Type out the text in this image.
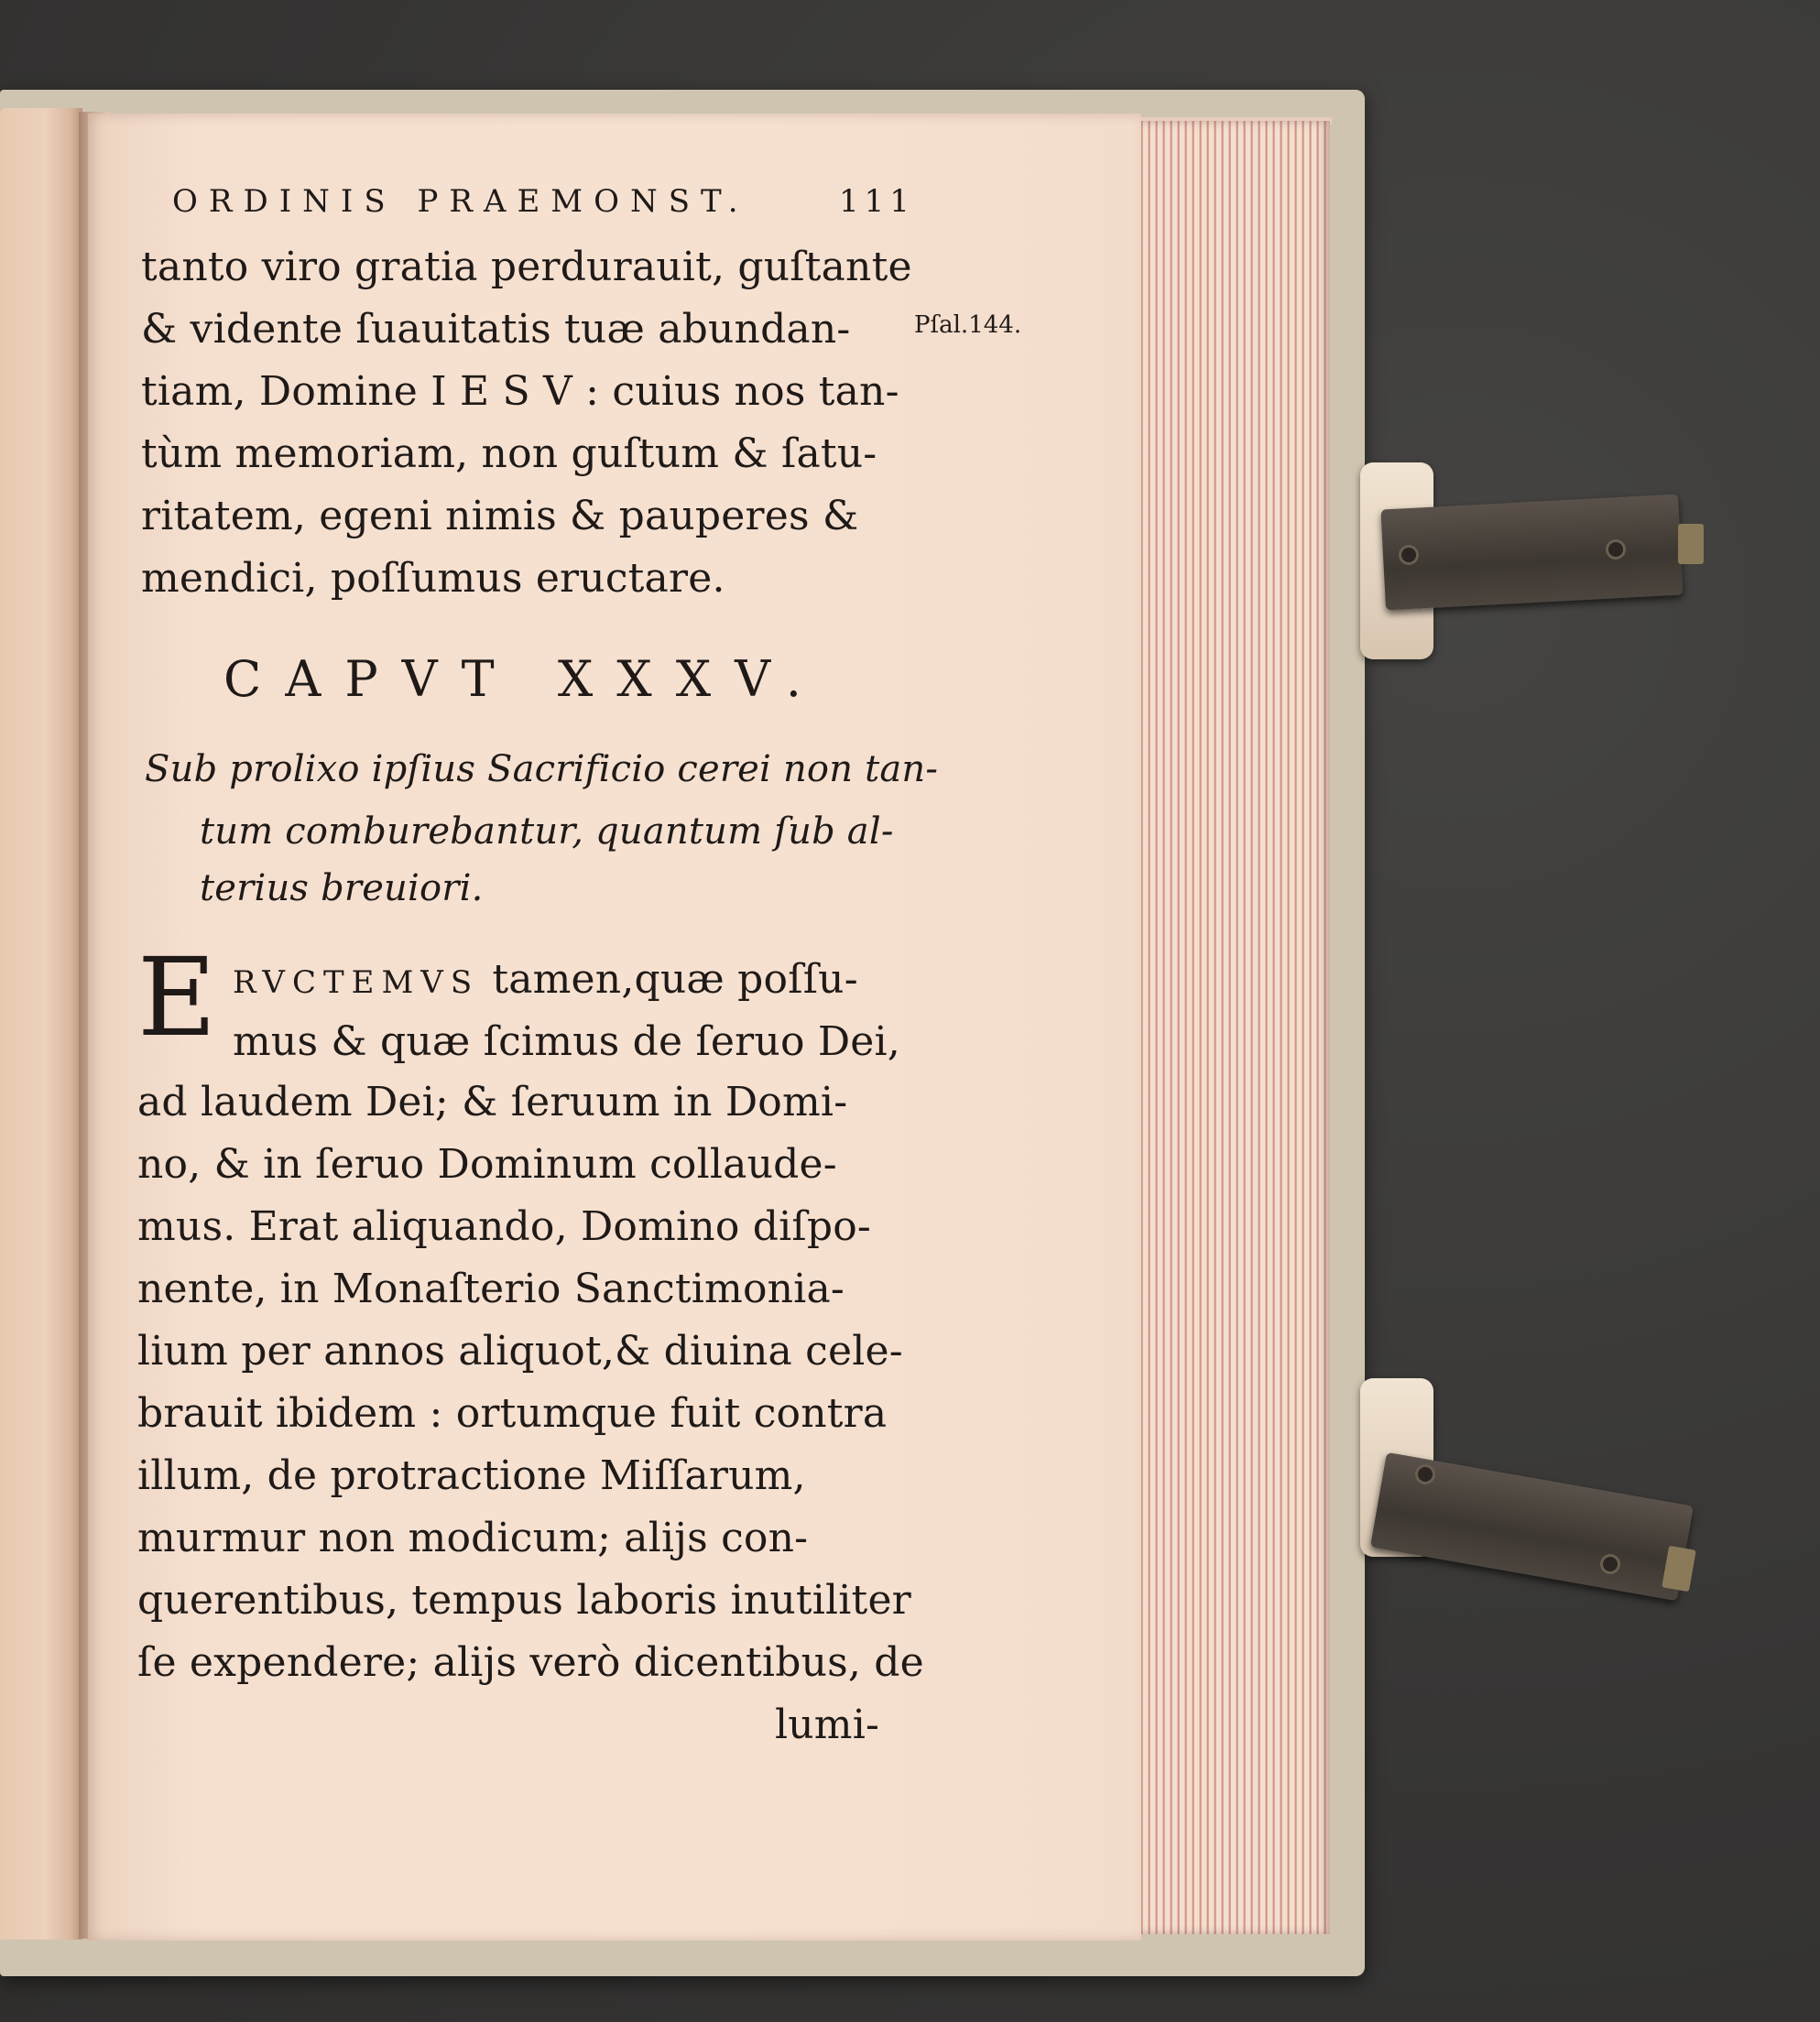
ORDINIS PRAEMONST.	111
Pſal.144.
tanto viro gratia perdurauit, guſtante
& vidente ſuauitatis tuæ abundan-
tiam, Domine I E S V : cuius nos tan-
tùm memoriam, non guſtum & ſatu-
ritatem, egeni nimis & pauperes &
mendici, poſſumus eructare.
CAPVT XXXV.
Sub prolixo ipſius Sacrificio cerei non tan-
tum comburebantur, quantum ſub al-
terius breuiori.
E RVCTEMVS tamen,quæ poſſu-
mus & quæ ſcimus de ſeruo Dei,
ad laudem Dei; & ſeruum in Domi-
no, & in ſeruo Dominum collaude-
mus. Erat aliquando, Domino diſpo-
nente, in Monaſterio Sanctimonia-
lium per annos aliquot,& diuina cele-
brauit ibidem : ortumque fuit contra
illum, de protractione Miſſarum,
murmur non modicum; alijs con-
querentibus, tempus laboris inutiliter
ſe expendere; alijs verò dicentibus, de
lumi-
